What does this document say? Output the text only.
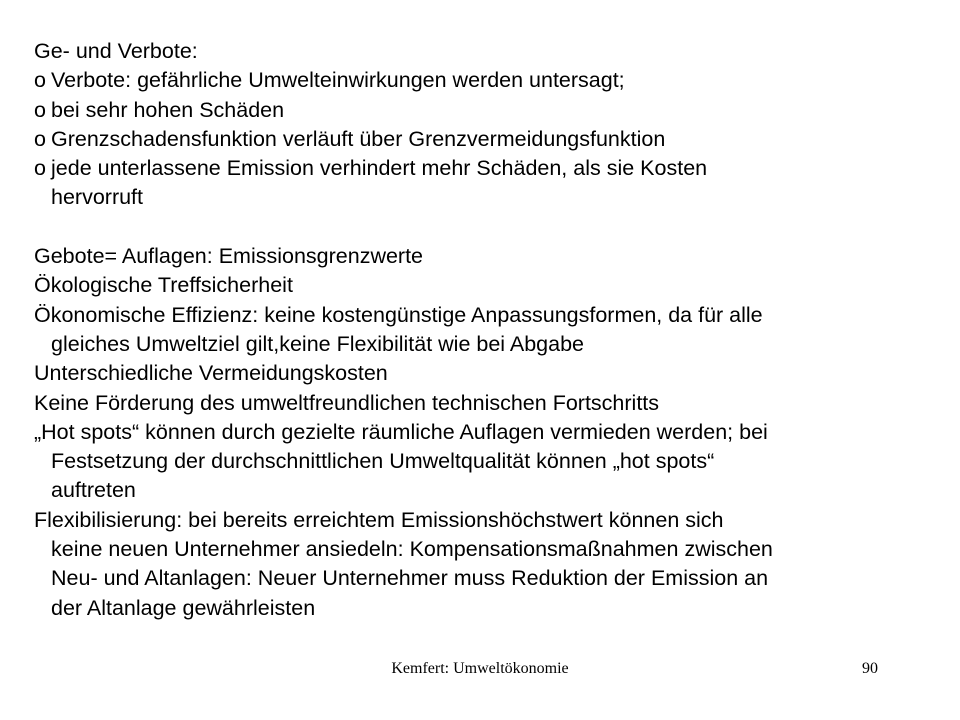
Ge- und Verbote:
o Verbote: gefährliche Umwelteinwirkungen werden untersagt;
o bei sehr hohen Schäden
o Grenzschadensfunktion verläuft über Grenzvermeidungsfunktion
o jede unterlassene Emission verhindert mehr Schäden, als sie Kosten
hervorruft
Gebote= Auflagen: Emissionsgrenzwerte
Ökologische Treffsicherheit
Ökonomische Effizienz: keine kostengünstige Anpassungsformen, da für alle
gleiches Umweltziel gilt,keine Flexibilität wie bei Abgabe
Unterschiedliche Vermeidungskosten
Keine Förderung des umweltfreundlichen technischen Fortschritts
„Hot spots“ können durch gezielte räumliche Auflagen vermieden werden; bei
Festsetzung der durchschnittlichen Umweltqualität können „hot spots“
auftreten
Flexibilisierung: bei bereits erreichtem Emissionshöchstwert können sich
keine neuen Unternehmer ansiedeln: Kompensationsmaßnahmen zwischen
Neu- und Altanlagen: Neuer Unternehmer muss Reduktion der Emission an
der Altanlage gewährleisten
Kemfert: Umweltökonomie	90
